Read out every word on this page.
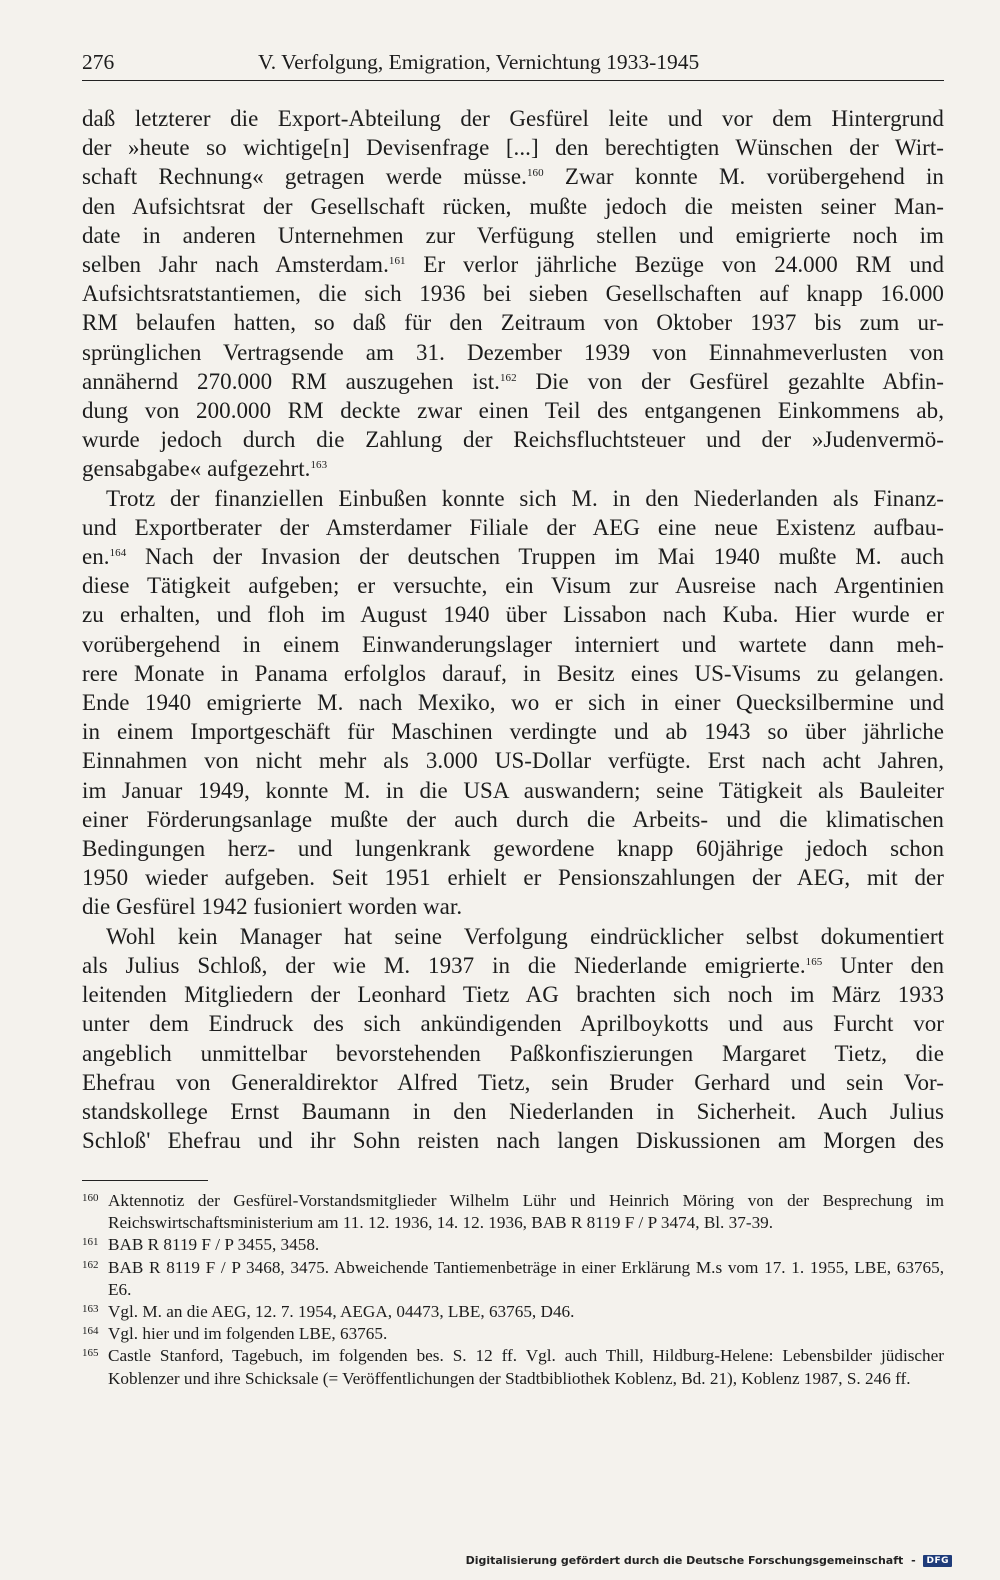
276	V. Verfolgung, Emigration, Vernichtung 1933-1945

daß letzterer die Export-Abteilung der Gesfürel leite und vor dem Hintergrund
der »heute so wichtige[n] Devisenfrage [...] den berechtigten Wünschen der Wirt-
schaft Rechnung« getragen werde müsse.$^{160}$ Zwar konnte M. vorübergehend in
den Aufsichtsrat der Gesellschaft rücken, mußte jedoch die meisten seiner Man-
date in anderen Unternehmen zur Verfügung stellen und emigrierte noch im
selben Jahr nach Amsterdam.$^{161}$ Er verlor jährliche Bezüge von 24.000 RM und
Aufsichtsratstantiemen, die sich 1936 bei sieben Gesellschaften auf knapp 16.000
RM belaufen hatten, so daß für den Zeitraum von Oktober 1937 bis zum ur-
sprünglichen Vertragsende am 31. Dezember 1939 von Einnahmeverlusten von
annähernd 270.000 RM auszugehen ist.$^{162}$ Die von der Gesfürel gezahlte Abfin-
dung von 200.000 RM deckte zwar einen Teil des entgangenen Einkommens ab,
wurde jedoch durch die Zahlung der Reichsfluchtsteuer und der »Judenvermö-
gensabgabe« aufgezehrt.$^{163}$

Trotz der finanziellen Einbußen konnte sich M. in den Niederlanden als Finanz-
und Exportberater der Amsterdamer Filiale der AEG eine neue Existenz aufbau-
en.$^{164}$ Nach der Invasion der deutschen Truppen im Mai 1940 mußte M. auch
diese Tätigkeit aufgeben; er versuchte, ein Visum zur Ausreise nach Argentinien
zu erhalten, und floh im August 1940 über Lissabon nach Kuba. Hier wurde er
vorübergehend in einem Einwanderungslager interniert und wartete dann meh-
rere Monate in Panama erfolglos darauf, in Besitz eines US-Visums zu gelangen.
Ende 1940 emigrierte M. nach Mexiko, wo er sich in einer Quecksilbermine und
in einem Importgeschäft für Maschinen verdingte und ab 1943 so über jährliche
Einnahmen von nicht mehr als 3.000 US-Dollar verfügte. Erst nach acht Jahren,
im Januar 1949, konnte M. in die USA auswandern; seine Tätigkeit als Bauleiter
einer Förderungsanlage mußte der auch durch die Arbeits- und die klimatischen
Bedingungen herz- und lungenkrank gewordene knapp 60jährige jedoch schon
1950 wieder aufgeben. Seit 1951 erhielt er Pensionszahlungen der AEG, mit der
die Gesfürel 1942 fusioniert worden war.

Wohl kein Manager hat seine Verfolgung eindrücklicher selbst dokumentiert
als Julius Schloß, der wie M. 1937 in die Niederlande emigrierte.$^{165}$ Unter den
leitenden Mitgliedern der Leonhard Tietz AG brachten sich noch im März 1933
unter dem Eindruck des sich ankündigenden Aprilboykotts und aus Furcht vor
angeblich unmittelbar bevorstehenden Paßkonfiszierungen Margaret Tietz, die
Ehefrau von Generaldirektor Alfred Tietz, sein Bruder Gerhard und sein Vor-
standskollege Ernst Baumann in den Niederlanden in Sicherheit. Auch Julius
Schloß' Ehefrau und ihr Sohn reisten nach langen Diskussionen am Morgen des

160 Aktennotiz der Gesfürel-Vorstandsmitglieder Wilhelm Lühr und Heinrich Möring von der Besprechung im Reichswirtschaftsministerium am 11. 12. 1936, 14. 12. 1936, BAB R 8119 F / P 3474, Bl. 37-39.

161 BAB R 8119 F / P 3455, 3458.

162 BAB R 8119 F / P 3468, 3475. Abweichende Tantiemenbeträge in einer Erklärung M.s vom 17. 1. 1955, LBE, 63765, E6.

163 Vgl. M. an die AEG, 12. 7. 1954, AEGA, 04473, LBE, 63765, D46.

164 Vgl. hier und im folgenden LBE, 63765.

165 Castle Stanford, Tagebuch, im folgenden bes. S. 12 ff. Vgl. auch Thill, Hildburg-Helene: Lebensbilder jüdischer Koblenzer und ihre Schicksale (= Veröffentlichungen der Stadtbibliothek Koblenz, Bd. 21), Koblenz 1987, S. 246 ff.

Digitalisierung gefördert durch die Deutsche Forschungsgemeinschaft - DFG
